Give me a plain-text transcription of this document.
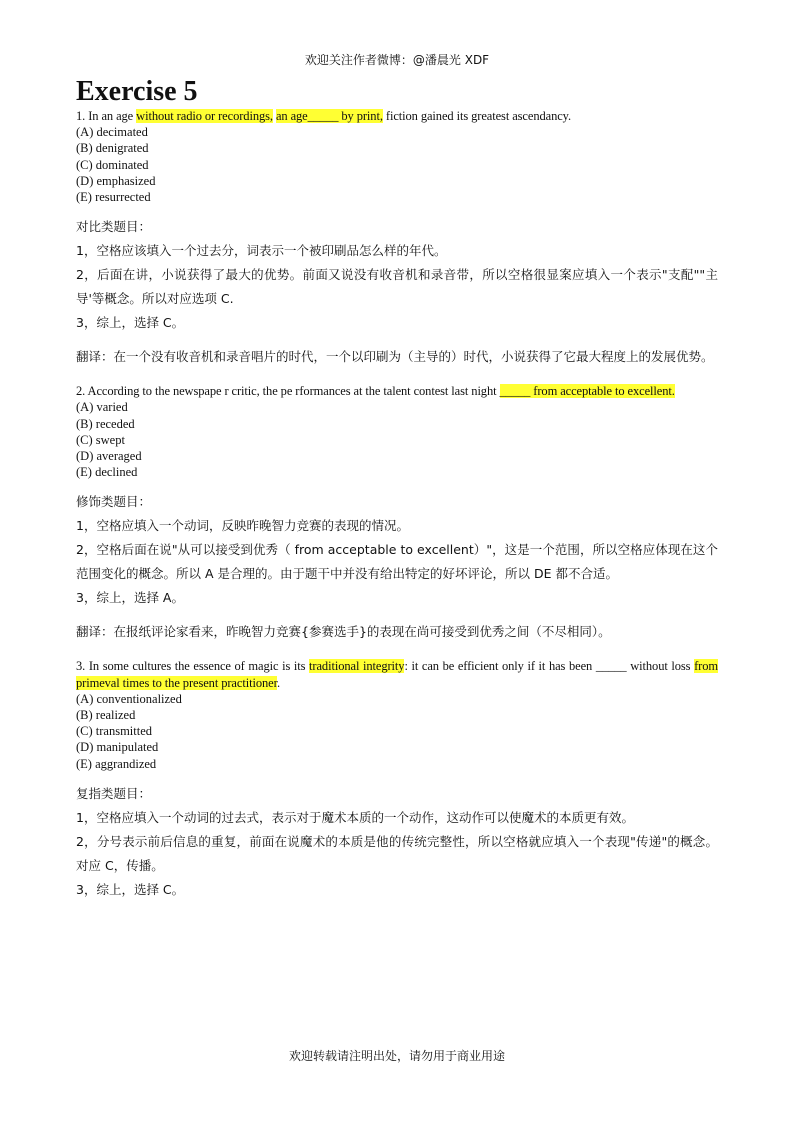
欢迎关注作者微博：@潘晨光 XDF
Exercise 5
1. In an age without radio or recordings, an age_____ by print, fiction gained its greatest ascendancy.
(A) decimated
(B) denigrated
(C) dominated
(D) emphasized
(E) resurrected
对比类题目：
1，空格应该填入一个过去分，词表示一个被印刷品怎么样的年代。
2，后面在讲，小说获得了最大的优势。前面又说没有收音机和录音带，所以空格很显案应填入一个表示"支配""主导'等概念。所以对应选项 C.
3，综上，选择 C。
翻译：在一个没有收音机和录音唱片的时代，一个以印刷为（主导的）时代，小说获得了它最大程度上的发展优势。
2. According to the newspape r critic, the pe rformances at the talent contest last night _____ from acceptable to excellent.
(A) varied
(B) receded
(C) swept
(D) averaged
(E) declined
修饰类题目：
1，空格应填入一个动词，反映昨晚智力竞赛的表现的情况。
2，空格后面在说"从可以接受到优秀（ from acceptable to excellent）"，这是一个范围，所以空格应体现在这个范围变化的概念。所以 A 是合理的。由于题干中并没有给出特定的好坏评论，所以 DE 都不合适。
3，综上，选择 A。
翻译：在报纸评论家看来，昨晚智力竞赛{参赛选手}的表现在尚可接受到优秀之间（不尽相同）。
3. In some cultures the essence of magic is its traditional integrity: it can be efficient only if it has been _____ without loss from primeval times to the present practitioner.
(A) conventionalized
(B) realized
(C) transmitted
(D) manipulated
(E) aggrandized
复指类题目：
1，空格应填入一个动词的过去式，表示对于魔术本质的一个动作，这动作可以使魔术的本质更有效。
2，分号表示前后信息的重复，前面在说魔术的本质是他的传统完整性，所以空格就应填入一个表现"传递"的概念。对应 C，传播。
3，综上，选择 C。
欢迎转载请注明出处，请勿用于商业用途
